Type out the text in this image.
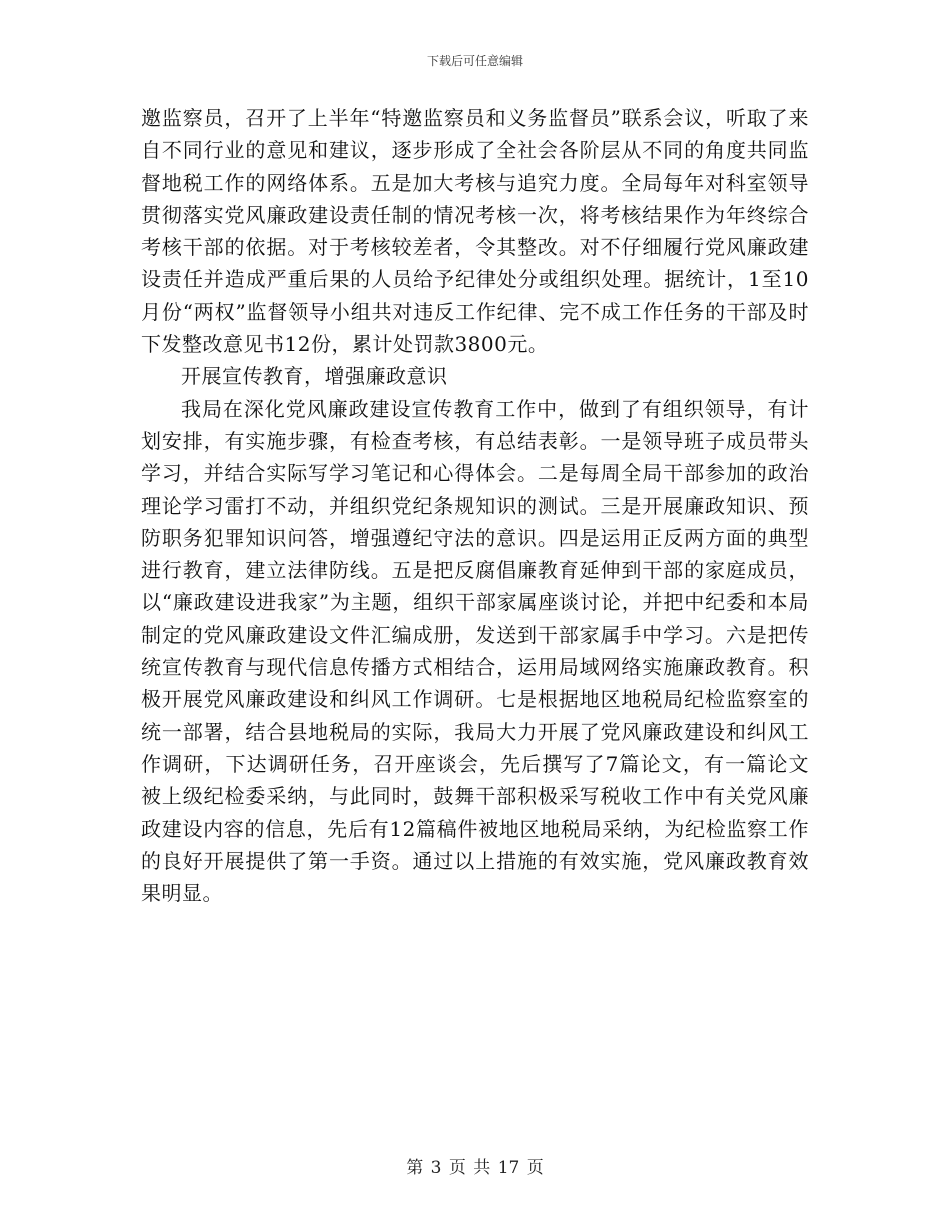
下载后可任意编辑

邀监察员，召开了上半年“特邀监察员和义务监督员”联系会议，听取了来自不同行业的意见和建议，逐步形成了全社会各阶层从不同的角度共同监督地税工作的网络体系。五是加大考核与追究力度。全局每年对科室领导贯彻落实党风廉政建设责任制的情况考核一次，将考核结果作为年终综合考核干部的依据。对于考核较差者，令其整改。对不仔细履行党风廉政建设责任并造成严重后果的人员给予纪律处分或组织处理。据统计，1至10月份“两权”监督领导小组共对违反工作纪律、完不成工作任务的干部及时下发整改意见书12份，累计处罚款3800元。

开展宣传教育，增强廉政意识

我局在深化党风廉政建设宣传教育工作中，做到了有组织领导，有计划安排，有实施步骤，有检查考核，有总结表彰。一是领导班子成员带头学习，并结合实际写学习笔记和心得体会。二是每周全局干部参加的政治理论学习雷打不动，并组织党纪条规知识的测试。三是开展廉政知识、预防职务犯罪知识问答，增强遵纪守法的意识。四是运用正反两方面的典型进行教育，建立法律防线。五是把反腐倡廉教育延伸到干部的家庭成员，以“廉政建设进我家”为主题，组织干部家属座谈讨论，并把中纪委和本局制定的党风廉政建设文件汇编成册，发送到干部家属手中学习。六是把传统宣传教育与现代信息传播方式相结合，运用局域网络实施廉政教育。积极开展党风廉政建设和纠风工作调研。七是根据地区地税局纪检监察室的统一部署，结合县地税局的实际，我局大力开展了党风廉政建设和纠风工作调研，下达调研任务，召开座谈会，先后撰写了7篇论文，有一篇论文被上级纪检委采纳，与此同时，鼓舞干部积极采写税收工作中有关党风廉政建设内容的信息，先后有12篇稿件被地区地税局采纳，为纪检监察工作的良好开展提供了第一手资。通过以上措施的有效实施，党风廉政教育效果明显。

第 3 页 共 17 页
